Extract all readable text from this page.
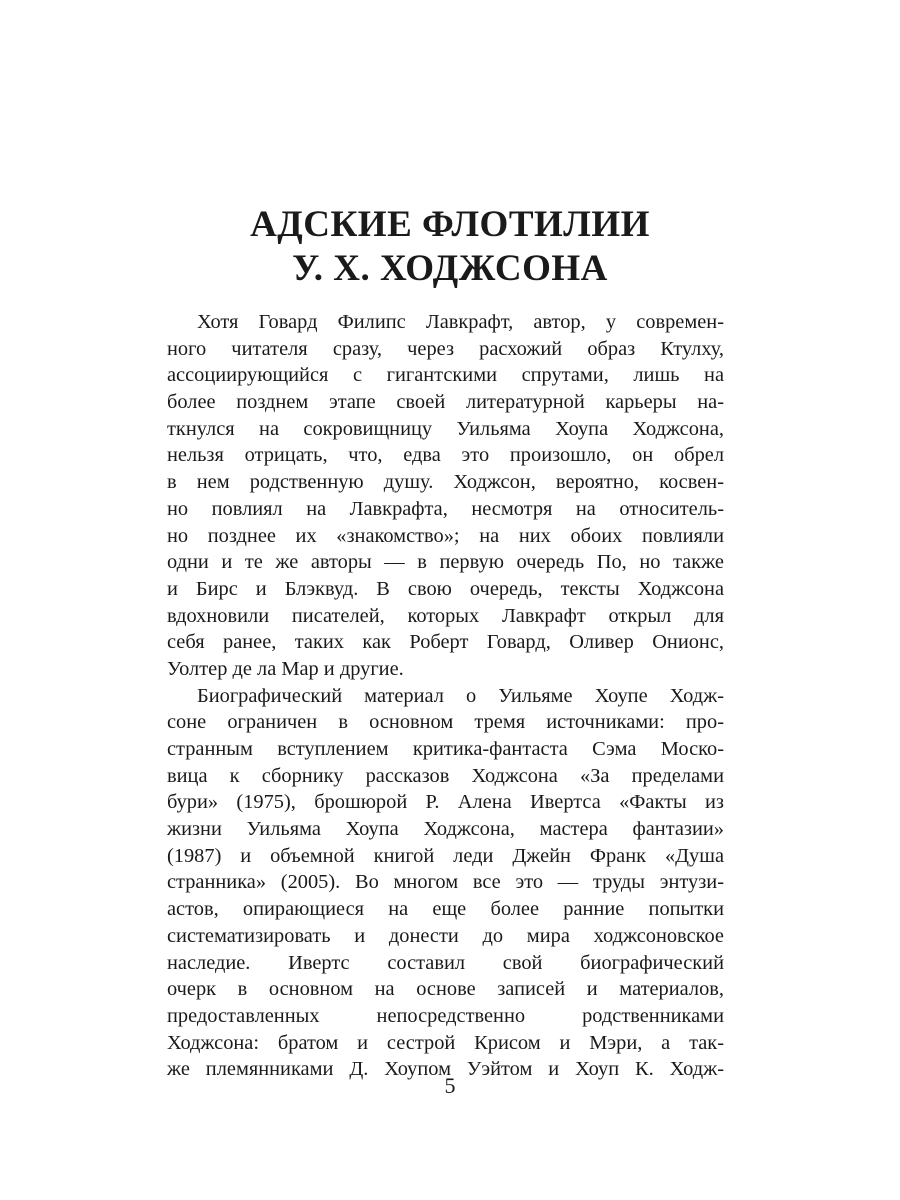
АДСКИЕ ФЛОТИЛИИ
У. Х. ХОДЖСОНА

Хотя Говард Филипс Лавкрафт, автор, у современ-
ного читателя сразу, через расхожий образ Ктулху,
ассоциирующийся с гигантскими спрутами, лишь на
более позднем этапе своей литературной карьеры на-
ткнулся на сокровищницу Уильяма Хоупа Ходжсона,
нельзя отрицать, что, едва это произошло, он обрел
в нем родственную душу. Ходжсон, вероятно, косвен-
но повлиял на Лавкрафта, несмотря на относитель-
но позднее их «знакомство»; на них обоих повлияли
одни и те же авторы — в первую очередь По, но также
и Бирс и Блэквуд. В свою очередь, тексты Ходжсона
вдохновили писателей, которых Лавкрафт открыл для
себя ранее, таких как Роберт Говард, Оливер Онионс,
Уолтер де ла Мар и другие.

Биографический материал о Уильяме Хоупе Ходж-
соне ограничен в основном тремя источниками: про-
странным вступлением критика-фантаста Сэма Моско-
вица к сборнику рассказов Ходжсона «За пределами
бури» (1975), брошюрой Р. Алена Ивертса «Факты из
жизни Уильяма Хоупа Ходжсона, мастера фантазии»
(1987) и объемной книгой леди Джейн Франк «Душа
странника» (2005). Во многом все это — труды энтузи-
астов, опирающиеся на еще более ранние попытки
систематизировать и донести до мира ходжсоновское
наследие. Ивертс составил свой биографический
очерк в основном на основе записей и материалов,
предоставленных непосредственно родственниками
Ходжсона: братом и сестрой Крисом и Мэри, а так-
же племянниками Д. Хоупом Уэйтом и Хоуп К. Ходж-

5
